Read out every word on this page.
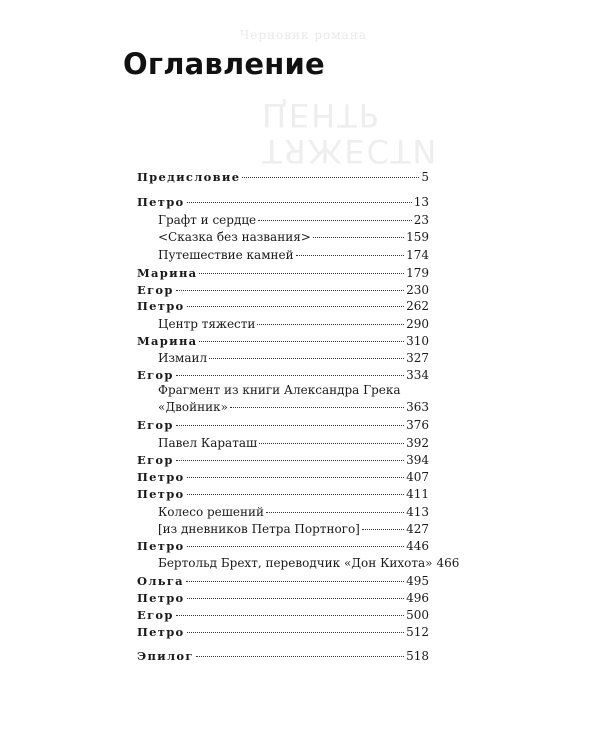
Черновик романа
ЦЕНТР
ТЯЖЕСТИ
Оглавление
Предисловие	5
Петро	13
Графт и сердце	23
<Сказка без названия>	159
Путешествие камней	174
Марина	179
Егор	230
Петро	262
Центр тяжести	290
Марина	310
Измаил	327
Егор	334
Фрагмент из книги Александра Грека
«Двойник»	363
Егор	376
Павел Караташ	392
Егор	394
Петро	407
Петро	411
Колесо решений	413
[из дневников Петра Портного]	427
Петро	446
Бертольд Брехт, переводчик «Дон Кихота» 466
Ольга	495
Петро	496
Егор	500
Петро	512
Эпилог	518
